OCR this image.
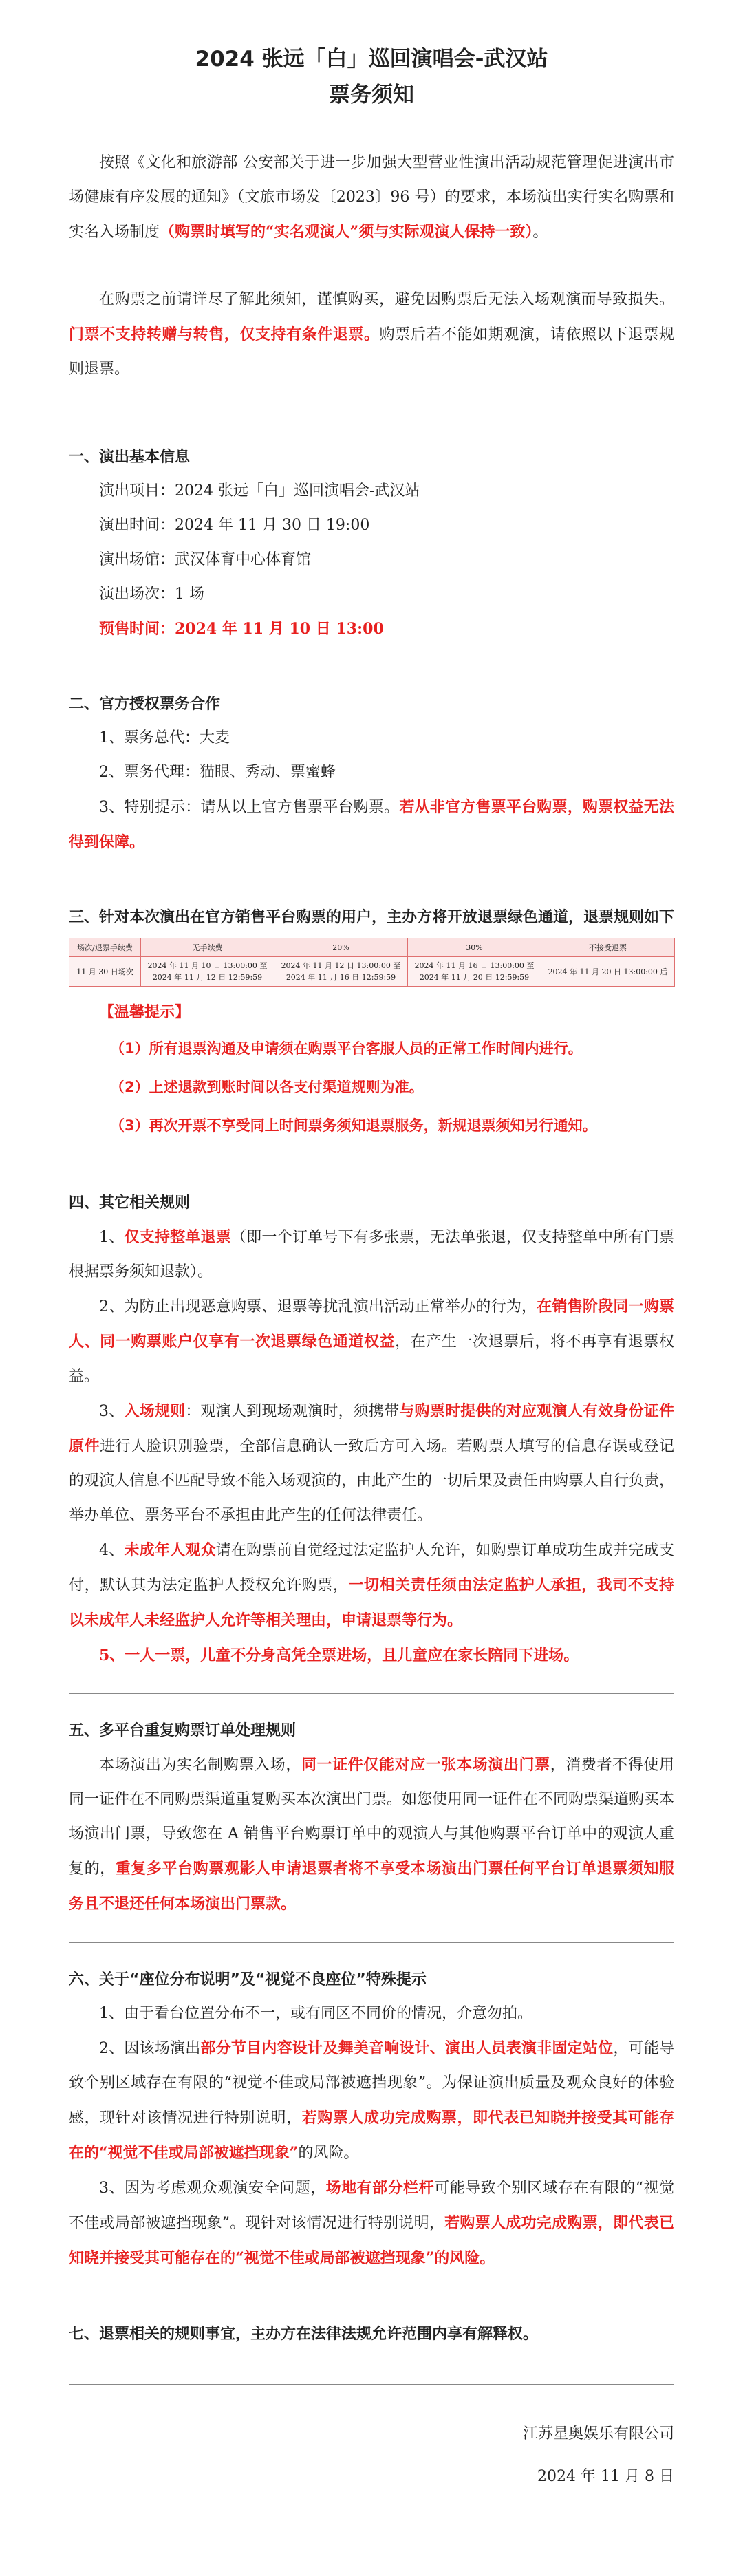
2024 张远「白」巡回演唱会-武汉站

票务须知

按照《文化和旅游部 公安部关于进一步加强大型营业性演出活动规范管理促进演出市场健康有序发展的通知》（文旅市场发〔2023〕96 号）的要求，本场演出实行实名购票和实名入场制度（购票时填写的“实名观演人”须与实际观演人保持一致）。

在购票之前请详尽了解此须知，谨慎购买，避免因购票后无法入场观演而导致损失。门票不支持转赠与转售，仅支持有条件退票。购票后若不能如期观演，请依照以下退票规则退票。

一、演出基本信息

演出项目：2024 张远「白」巡回演唱会-武汉站

演出时间：2024 年 11 月 30 日 19:00

演出场馆：武汉体育中心体育馆

演出场次：1 场

预售时间：2024 年 11 月 10 日 13:00

二、官方授权票务合作

1、票务总代：大麦

2、票务代理：猫眼、秀动、票蜜蜂

3、特别提示：请从以上官方售票平台购票。若从非官方售票平台购票，购票权益无法得到保障。

三、针对本次演出在官方销售平台购票的用户，主办方将开放退票绿色通道，退票规则如下

场次/退票手续费	无手续费	20%	30%	不接受退票
11 月 30 日场次	2024 年 11 月 10 日 13:00:00 至 2024 年 11 月 12 日 12:59:59	2024 年 11 月 12 日 13:00:00 至 2024 年 11 月 16 日 12:59:59	2024 年 11 月 16 日 13:00:00 至 2024 年 11 月 20 日 12:59:59	2024 年 11 月 20 日 13:00:00 后

【温馨提示】

（1）所有退票沟通及申请须在购票平台客服人员的正常工作时间内进行。

（2）上述退款到账时间以各支付渠道规则为准。

（3）再次开票不享受同上时间票务须知退票服务，新规退票须知另行通知。

四、其它相关规则

1、仅支持整单退票（即一个订单号下有多张票，无法单张退，仅支持整单中所有门票根据票务须知退款）。

2、为防止出现恶意购票、退票等扰乱演出活动正常举办的行为，在销售阶段同一购票人、同一购票账户仅享有一次退票绿色通道权益，在产生一次退票后，将不再享有退票权益。

3、入场规则：观演人到现场观演时，须携带与购票时提供的对应观演人有效身份证件原件进行人脸识别验票，全部信息确认一致后方可入场。若购票人填写的信息存误或登记的观演人信息不匹配导致不能入场观演的，由此产生的一切后果及责任由购票人自行负责，举办单位、票务平台不承担由此产生的任何法律责任。

4、未成年人观众请在购票前自觉经过法定监护人允许，如购票订单成功生成并完成支付，默认其为法定监护人授权允许购票，一切相关责任须由法定监护人承担，我司不支持以未成年人未经监护人允许等相关理由，申请退票等行为。

5、一人一票，儿童不分身高凭全票进场，且儿童应在家长陪同下进场。

五、多平台重复购票订单处理规则

本场演出为实名制购票入场，同一证件仅能对应一张本场演出门票，消费者不得使用同一证件在不同购票渠道重复购买本次演出门票。如您使用同一证件在不同购票渠道购买本场演出门票，导致您在 A 销售平台购票订单中的观演人与其他购票平台订单中的观演人重复的，重复多平台购票观影人申请退票者将不享受本场演出门票任何平台订单退票须知服务且不退还任何本场演出门票款。

六、关于“座位分布说明”及“视觉不良座位”特殊提示

1、由于看台位置分布不一，或有同区不同价的情况，介意勿拍。

2、因该场演出部分节目内容设计及舞美音响设计、演出人员表演非固定站位，可能导致个别区域存在有限的“视觉不佳或局部被遮挡现象”。为保证演出质量及观众良好的体验感，现针对该情况进行特别说明，若购票人成功完成购票，即代表已知晓并接受其可能存在的“视觉不佳或局部被遮挡现象”的风险。

3、因为考虑观众观演安全问题，场地有部分栏杆可能导致个别区域存在有限的“视觉不佳或局部被遮挡现象”。现针对该情况进行特别说明，若购票人成功完成购票，即代表已知晓并接受其可能存在的“视觉不佳或局部被遮挡现象”的风险。

七、退票相关的规则事宜，主办方在法律法规允许范围内享有解释权。

江苏星奥娱乐有限公司

2024 年 11 月 8 日
